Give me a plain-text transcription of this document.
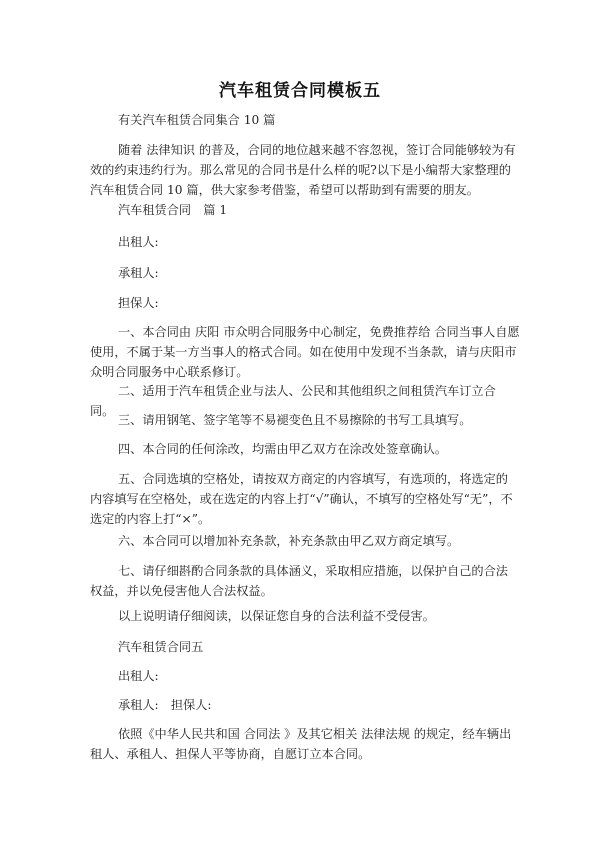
汽车租赁合同模板五
有关汽车租赁合同集合 10 篇
随着 法律知识 的普及，合同的地位越来越不容忽视，签订合同能够较为有效的约束违约行为。那么常见的合同书是什么样的呢?以下是小编帮大家整理的汽车租赁合同 10 篇，供大家参考借鉴，希望可以帮助到有需要的朋友。
汽车租赁合同　篇 1
出租人:
承租人:
担保人:
一、本合同由 庆阳 市众明合同服务中心制定，免费推荐给 合同当事人自愿使用，不属于某一方当事人的格式合同。如在使用中发现不当条款，请与庆阳市众明合同服务中心联系修订。
二、适用于汽车租赁企业与法人、公民和其他组织之间租赁汽车订立合同。
三、请用钢笔、签字笔等不易褪变色且不易擦除的书写工具填写。
四、本合同的任何涂改，均需由甲乙双方在涂改处签章确认。
五、合同选填的空格处，请按双方商定的内容填写，有选项的，将选定的内容填写在空格处，或在选定的内容上打“√”确认，不填写的空格处写“无”，不选定的内容上打“×”。
六、本合同可以增加补充条款，补充条款由甲乙双方商定填写。
七、请仔细斟酌合同条款的具体涵义，采取相应措施，以保护自己的合法权益，并以免侵害他人合法权益。
以上说明请仔细阅读，以保证您自身的合法利益不受侵害。
汽车租赁合同五
出租人:
承租人:　担保人:
依照《中华人民共和国 合同法 》及其它相关 法律法规 的规定，经车辆出租人、承租人、担保人平等协商，自愿订立本合同。
